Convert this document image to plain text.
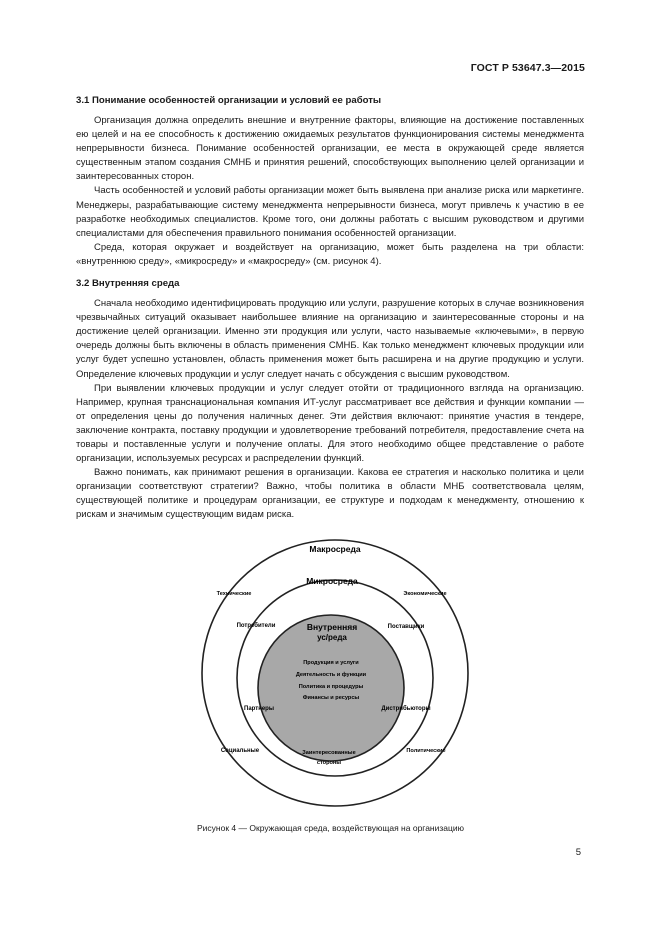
ГОСТ Р 53647.3—2015
3.1 Понимание особенностей организации и условий ее работы

Организация должна определить внешние и внутренние факторы, влияющие на достижение поставленных ею целей и на ее способность к достижению ожидаемых результатов функционирования системы менеджмента непрерывности бизнеса. Понимание особенностей организации, ее места в окружающей среде является существенным этапом создания СМНБ и принятия решений, способствующих выполнению целей организации и заинтересованных сторон.

Часть особенностей и условий работы организации может быть выявлена при анализе риска или маркетинге. Менеджеры, разрабатывающие систему менеджмента непрерывности бизнеса, могут привлечь к участию в ее разработке необходимых специалистов. Кроме того, они должны работать с высшим руководством и другими специалистами для обеспечения правильного понимания особенностей организации.

Среда, которая окружает и воздействует на организацию, может быть разделена на три области: «внутреннюю среду», «микросреду» и «макросреду» (см. рисунок 4).

3.2 Внутренняя среда

Сначала необходимо идентифицировать продукцию или услуги, разрушение которых в случае возникновения чрезвычайных ситуаций оказывает наибольшее влияние на организацию и заинтересованные стороны и на достижение целей организации. Именно эти продукция или услуги, часто называемые «ключевыми», в первую очередь должны быть включены в область применения СМНБ. Как только менеджмент ключевых продукции или услуг будет успешно установлен, область применения может быть расширена и на другие продукцию и услуги. Определение ключевых продукции и услуг следует начать с обсуждения с высшим руководством.

При выявлении ключевых продукции и услуг следует отойти от традиционного взгляда на организацию. Например, крупная транснациональная компания ИТ-услуг рассматривает все действия и функции компании — от определения цены до получения наличных денег. Эти действия включают: принятие участия в тендере, заключение контракта, поставку продукции и удовлетворение требований потребителя, предоставление счета на товары и поставленные услуги и получение оплаты. Для этого необходимо общее представление о работе организации, используемых ресурсах и распределении функций.

Важно понимать, как принимают решения в организации. Какова ее стратегия и насколько политика и цели организации соответствуют стратегии? Важно, чтобы политика в области МНБ соответствовала целям, существующей политике и процедурам организации, ее структуре и подходам к менеджменту, отношению к рискам и значимым существующим видам риска.

Макросреда
Микросреда
Внутренняя
ус/реда
Продукция и услуги
Деятельность и функции
Политика и процедуры
Финансы и ресурсы
Потребители	Поставщики
Партнеры	Дистрибьюторы
Заинтересованные
стороны
Технические	Экономические
Социальные	Политические
Рисунок 4 — Окружающая среда, воздействующая на организацию
5
